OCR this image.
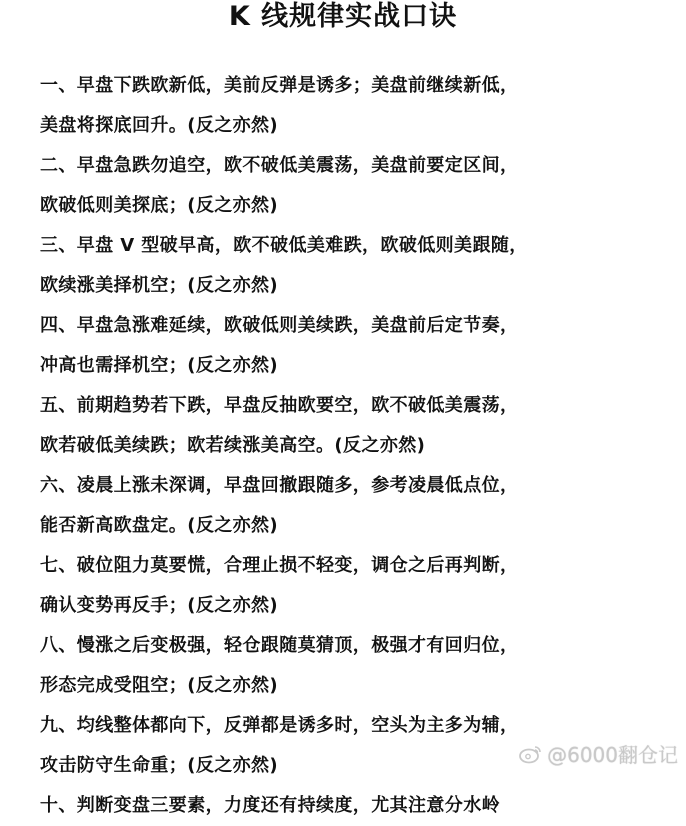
K 线规律实战口诀
一、早盘下跌欧新低，美前反弹是诱多；美盘前继续新低，
美盘将探底回升。(反之亦然)
二、早盘急跌勿追空，欧不破低美震荡，美盘前要定区间，
欧破低则美探底；(反之亦然)
三、早盘 V 型破早高，欧不破低美难跌，欧破低则美跟随，
欧续涨美择机空；(反之亦然)
四、早盘急涨难延续，欧破低则美续跌，美盘前后定节奏，
冲高也需择机空；(反之亦然)
五、前期趋势若下跌，早盘反抽欧要空，欧不破低美震荡，
欧若破低美续跌；欧若续涨美高空。(反之亦然)
六、凌晨上涨未深调，早盘回撤跟随多，参考凌晨低点位，
能否新高欧盘定。(反之亦然)
七、破位阻力莫要慌，合理止损不轻变，调仓之后再判断，
确认变势再反手；(反之亦然)
八、慢涨之后变极强，轻仓跟随莫猜顶，极强才有回归位，
形态完成受阻空；(反之亦然)
九、均线整体都向下，反弹都是诱多时，空头为主多为辅，
攻击防守生命重；(反之亦然)
十、判断变盘三要素，力度还有持续度，尤其注意分水岭
@6000翻仓记
